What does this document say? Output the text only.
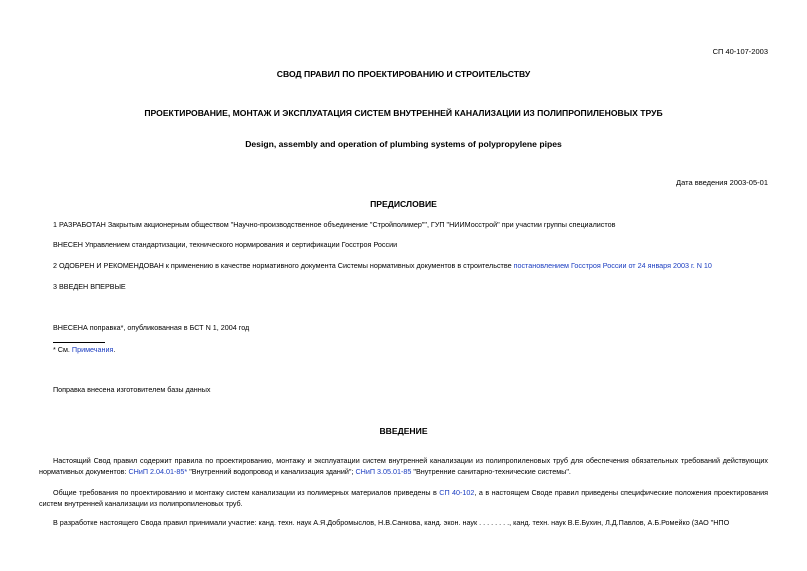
СП 40-107-2003
СВОД ПРАВИЛ ПО ПРОЕКТИРОВАНИЮ И СТРОИТЕЛЬСТВУ
ПРОЕКТИРОВАНИЕ, МОНТАЖ И ЭКСПЛУАТАЦИЯ СИСТЕМ ВНУТРЕННЕЙ КАНАЛИЗАЦИИ ИЗ ПОЛИПРОПИЛЕНОВЫХ ТРУБ
Design, assembly and operation of plumbing systems of polypropylene pipes
Дата введения 2003-05-01
ПРЕДИСЛОВИЕ
1 РАЗРАБОТАН Закрытым акционерным обществом "Научно-производственное объединение "Стройполимер"", ГУП "НИИМосстрой" при участии группы специалистов
ВНЕСЕН Управлением стандартизации, технического нормирования и сертификации Госстроя России
2 ОДОБРЕН И РЕКОМЕНДОВАН к применению в качестве нормативного документа Системы нормативных документов в строительстве постановлением Госстроя России от 24 января 2003 г. N 10
3 ВВЕДЕН ВПЕРВЫЕ
ВНЕСЕНА поправка*, опубликованная в БСТ N 1, 2004 год
* См. Примечания.
Поправка внесена изготовителем базы данных
ВВЕДЕНИЕ
Настоящий Свод правил содержит правила по проектированию, монтажу и эксплуатации систем внутренней канализации из полипропиленовых труб для обеспечения обязательных требований действующих нормативных документов: СНиП 2.04.01-85* "Внутренний водопровод и канализация зданий"; СНиП 3.05.01-85 "Внутренние санитарно-технические системы".
Общие требования по проектированию и монтажу систем канализации из полимерных материалов приведены в СП 40-102, а в настоящем Своде правил приведены специфические положения проектирования систем внутренней канализации из полипропиленовых труб.
В разработке настоящего Свода правил принимали участие: канд. техн. наук А.Я.Добромыслов, Н.В.Санкова, канд. экон. наук . . . . . . . ., канд. техн. наук В.Е.Бухин, Л.Д.Павлов, А.Б.Ромейко (ЗАО "НПО
